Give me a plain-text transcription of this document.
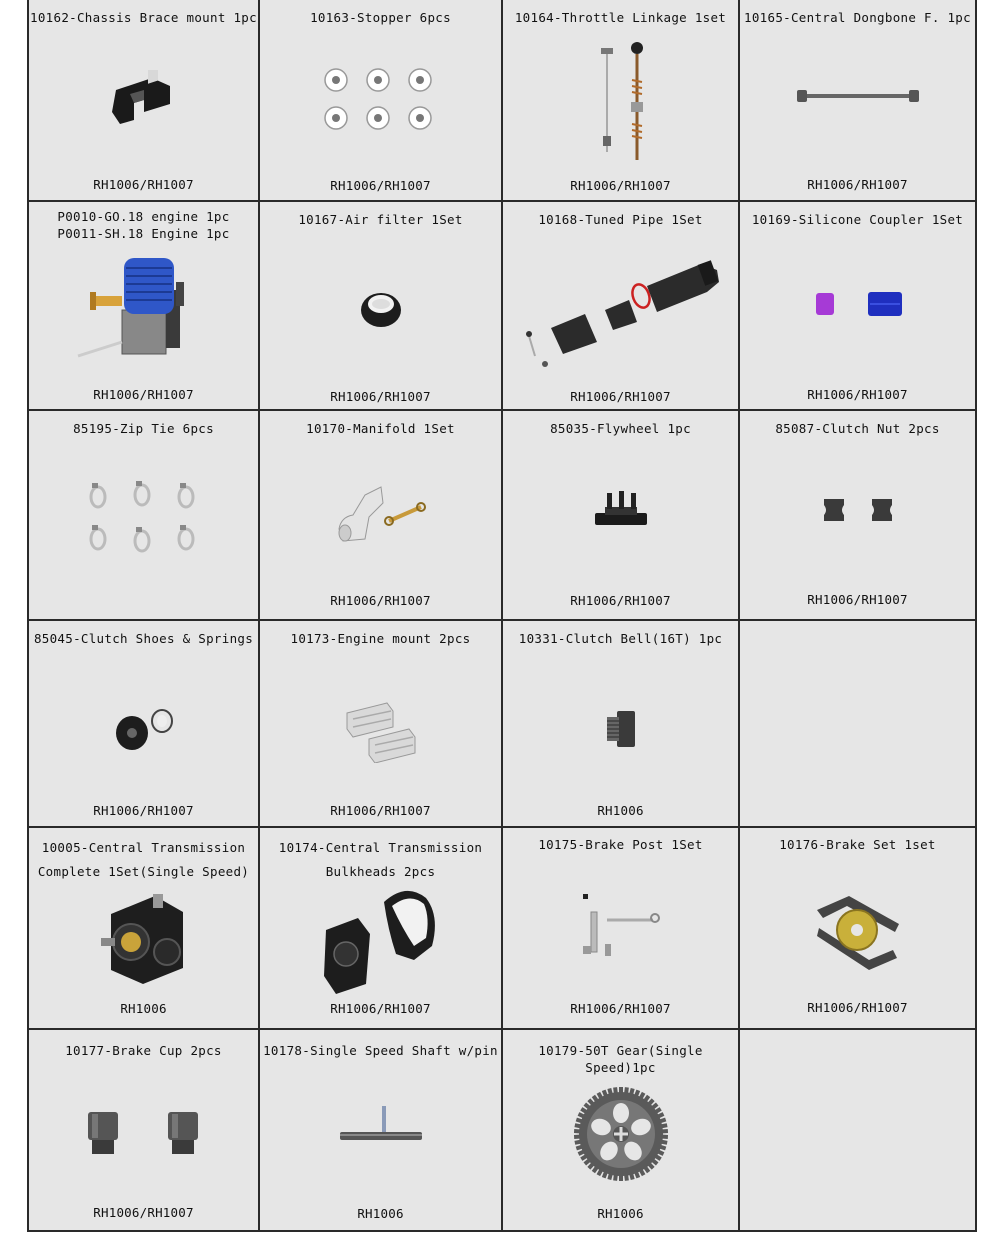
10162-Chassis Brace mount 1pc
RH1006/RH1007
10163-Stopper 6pcs
RH1006/RH1007
10164-Throttle Linkage 1set
RH1006/RH1007
10165-Central Dongbone F. 1pc
RH1006/RH1007
P0010-GO.18 engine 1pc
P0011-SH.18 Engine 1pc
RH1006/RH1007
10167-Air filter 1Set
RH1006/RH1007
10168-Tuned Pipe 1Set
RH1006/RH1007
10169-Silicone Coupler 1Set
RH1006/RH1007
85195-Zip Tie 6pcs	10170-Manifold 1Set
RH1006/RH1007
85035-Flywheel 1pc
RH1006/RH1007
85087-Clutch Nut 2pcs
RH1006/RH1007
85045-Clutch Shoes & Springs
RH1006/RH1007
10173-Engine mount 2pcs
RH1006/RH1007
10331-Clutch Bell(16T) 1pc
RH1006
10005-Central Transmission
Complete 1Set(Single Speed)
RH1006
10174-Central Transmission
Bulkheads 2pcs
RH1006/RH1007
10175-Brake Post 1Set
RH1006/RH1007
10176-Brake Set 1set
RH1006/RH1007
10177-Brake Cup 2pcs
RH1006/RH1007
10178-Single Speed Shaft w/pin
RH1006
10179-50T Gear(Single Speed)1pc
RH1006
